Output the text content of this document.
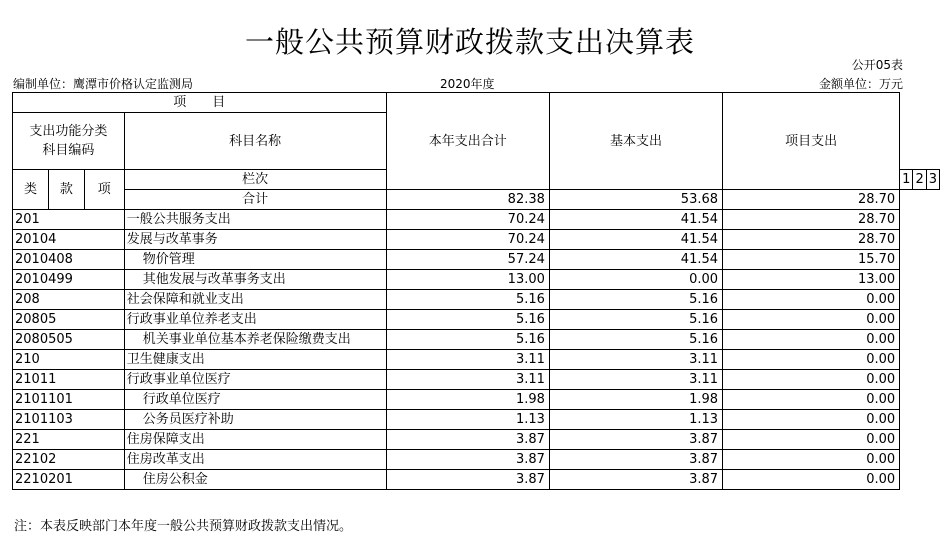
一般公共预算财政拨款支出决算表
公开05表
编制单位：鹰潭市价格认定监测局	2020年度	金额单位：万元
项　　目				本年支出合计	基本支出	项目支出			
支出功能分类
科目编码			科目名称						

类	款	项	栏次				1	2	3
			合计	82.38	53.68	28.70			
201			一般公共服务支出	70.24	41.54	28.70			
20104			发展与改革事务	70.24	41.54	28.70			
2010408			物价管理	57.24	41.54	15.70			
2010499			其他发展与改革事务支出	13.00	0.00	13.00			
208			社会保障和就业支出	5.16	5.16	0.00			
20805			行政事业单位养老支出	5.16	5.16	0.00			
2080505			机关事业单位基本养老保险缴费支出	5.16	5.16	0.00			
210			卫生健康支出	3.11	3.11	0.00			
21011			行政事业单位医疗	3.11	3.11	0.00			
2101101			行政单位医疗	1.98	1.98	0.00			
2101103			公务员医疗补助	1.13	1.13	0.00			
221			住房保障支出	3.87	3.87	0.00			
22102			住房改革支出	3.87	3.87	0.00			
2210201			住房公积金	3.87	3.87	0.00			
注：本表反映部门本年度一般公共预算财政拨款支出情况。
